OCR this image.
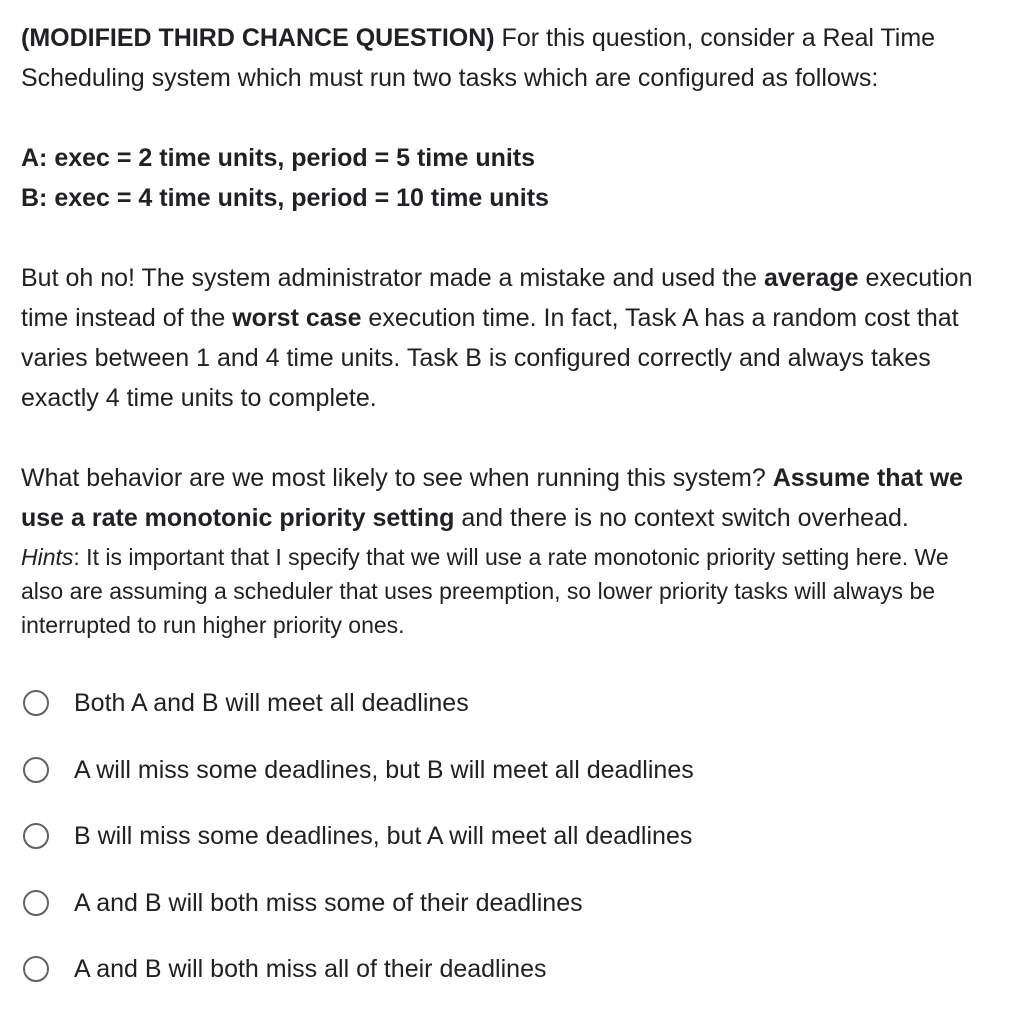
(MODIFIED THIRD CHANCE QUESTION) For this question, consider a Real Time Scheduling system which must run two tasks which are configured as follows:

A: exec = 2 time units, period = 5 time units
B: exec = 4 time units, period = 10 time units

But oh no! The system administrator made a mistake and used the average execution time instead of the worst case execution time. In fact, Task A has a random cost that varies between 1 and 4 time units. Task B is configured correctly and always takes exactly 4 time units to complete.

What behavior are we most likely to see when running this system? Assume that we use a rate monotonic priority setting and there is no context switch overhead.

Hints: It is important that I specify that we will use a rate monotonic priority setting here. We also are assuming a scheduler that uses preemption, so lower priority tasks will always be interrupted to run higher priority ones.

Both A and B will meet all deadlines
A will miss some deadlines, but B will meet all deadlines
B will miss some deadlines, but A will meet all deadlines
A and B will both miss some of their deadlines
A and B will both miss all of their deadlines
